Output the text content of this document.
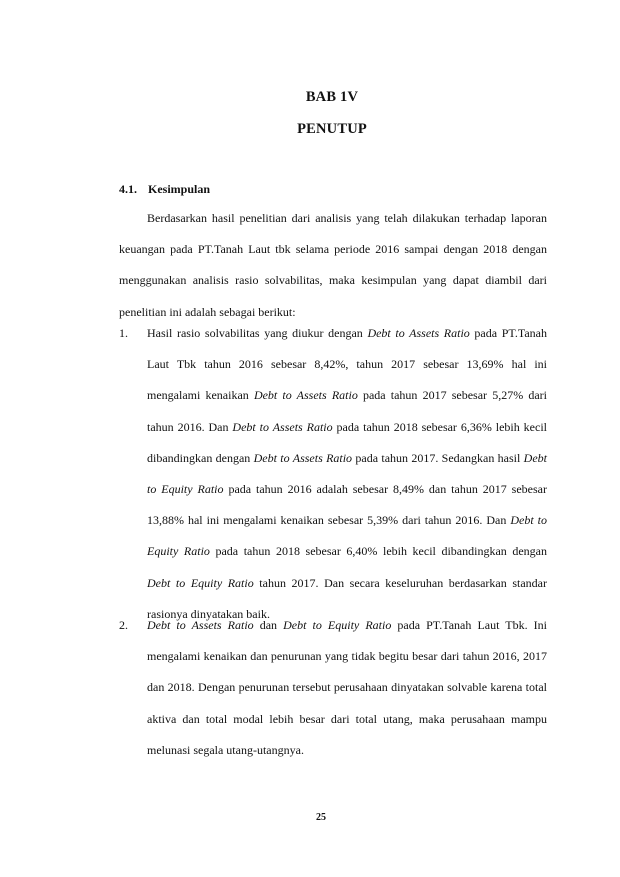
BAB 1V
PENUTUP
4.1. Kesimpulan

Berdasarkan hasil penelitian dari analisis yang telah dilakukan terhadap laporan keuangan pada PT.Tanah Laut tbk selama periode 2016 sampai dengan 2018 dengan menggunakan analisis rasio solvabilitas, maka kesimpulan yang dapat diambil dari penelitian ini adalah sebagai berikut:

1. Hasil rasio solvabilitas yang diukur dengan Debt to Assets Ratio pada PT.Tanah Laut Tbk tahun 2016 sebesar 8,42%, tahun 2017 sebesar 13,69% hal ini mengalami kenaikan Debt to Assets Ratio pada tahun 2017 sebesar 5,27% dari tahun 2016. Dan Debt to Assets Ratio pada tahun 2018 sebesar 6,36% lebih kecil dibandingkan dengan Debt to Assets Ratio pada tahun 2017. Sedangkan hasil Debt to Equity Ratio pada tahun 2016 adalah sebesar 8,49% dan tahun 2017 sebesar 13,88% hal ini mengalami kenaikan sebesar 5,39% dari tahun 2016. Dan Debt to Equity Ratio pada tahun 2018 sebesar 6,40% lebih kecil dibandingkan dengan Debt to Equity Ratio tahun 2017. Dan secara keseluruhan berdasarkan standar rasionya dinyatakan baik.
2. Debt to Assets Ratio dan Debt to Equity Ratio pada PT.Tanah Laut Tbk. Ini mengalami kenaikan dan penurunan yang tidak begitu besar dari tahun 2016, 2017 dan 2018. Dengan penurunan tersebut perusahaan dinyatakan solvable karena total aktiva dan total modal lebih besar dari total utang, maka perusahaan mampu melunasi segala utang-utangnya.
25
